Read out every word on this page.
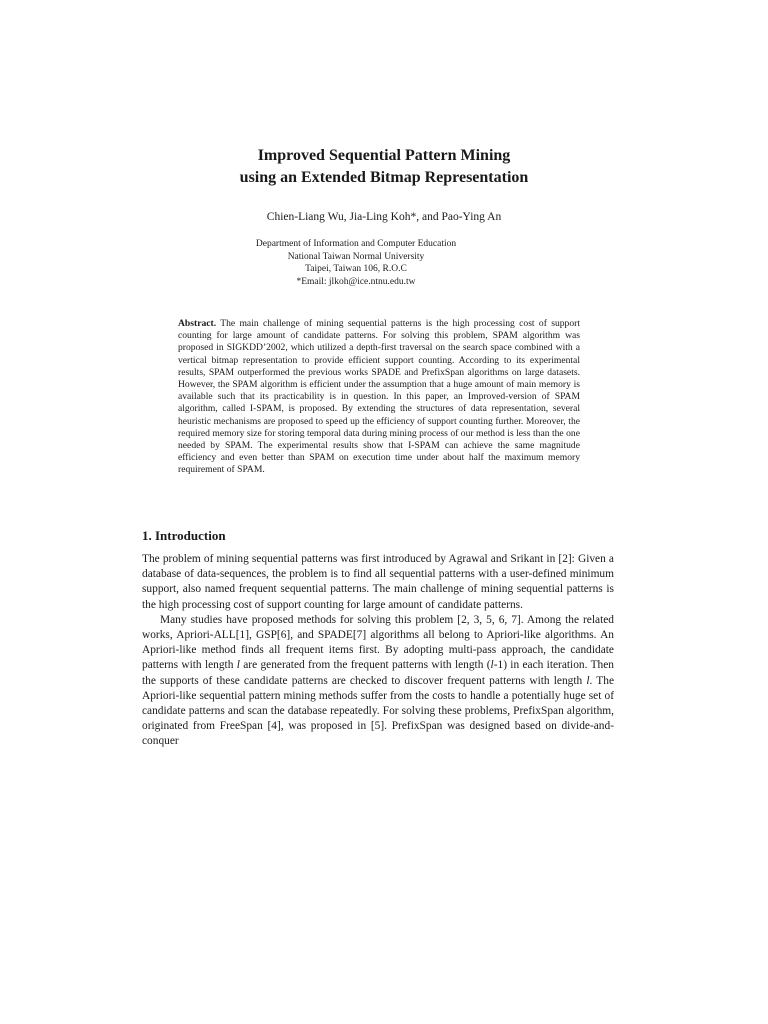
Improved Sequential Pattern Mining
using an Extended Bitmap Representation

Chien-Liang Wu, Jia-Ling Koh*, and Pao-Ying An

Department of Information and Computer Education
National Taiwan Normal University
Taipei, Taiwan 106, R.O.C
*Email: jlkoh@ice.ntnu.edu.tw

Abstract. The main challenge of mining sequential patterns is the high processing cost of support counting for large amount of candidate patterns. For solving this problem, SPAM algorithm was proposed in SIGKDD’2002, which utilized a depth-first traversal on the search space combined with a vertical bitmap representation to provide efficient support counting. According to its experimental results, SPAM outperformed the previous works SPADE and PrefixSpan algorithms on large datasets. However, the SPAM algorithm is efficient under the assumption that a huge amount of main memory is available such that its practicability is in question. In this paper, an Improved-version of SPAM algorithm, called I-SPAM, is proposed. By extending the structures of data representation, several heuristic mechanisms are proposed to speed up the efficiency of support counting further. Moreover, the required memory size for storing temporal data during mining process of our method is less than the one needed by SPAM. The experimental results show that I-SPAM can achieve the same magnitude efficiency and even better than SPAM on execution time under about half the maximum memory requirement of SPAM.

1. Introduction

The problem of mining sequential patterns was first introduced by Agrawal and Srikant in [2]: Given a database of data-sequences, the problem is to find all sequential patterns with a user-defined minimum support, also named frequent sequential patterns. The main challenge of mining sequential patterns is the high processing cost of support counting for large amount of candidate patterns.

Many studies have proposed methods for solving this problem [2, 3, 5, 6, 7]. Among the related works, Apriori-ALL[1], GSP[6], and SPADE[7] algorithms all belong to Apriori-like algorithms. An Apriori-like method finds all frequent items first. By adopting multi-pass approach, the candidate patterns with length l are generated from the frequent patterns with length (l-1) in each iteration. Then the supports of these candidate patterns are checked to discover frequent patterns with length l. The Apriori-like sequential pattern mining methods suffer from the costs to handle a potentially huge set of candidate patterns and scan the database repeatedly. For solving these problems, PrefixSpan algorithm, originated from FreeSpan [4], was proposed in [5]. PrefixSpan was designed based on divide-and-conquer
